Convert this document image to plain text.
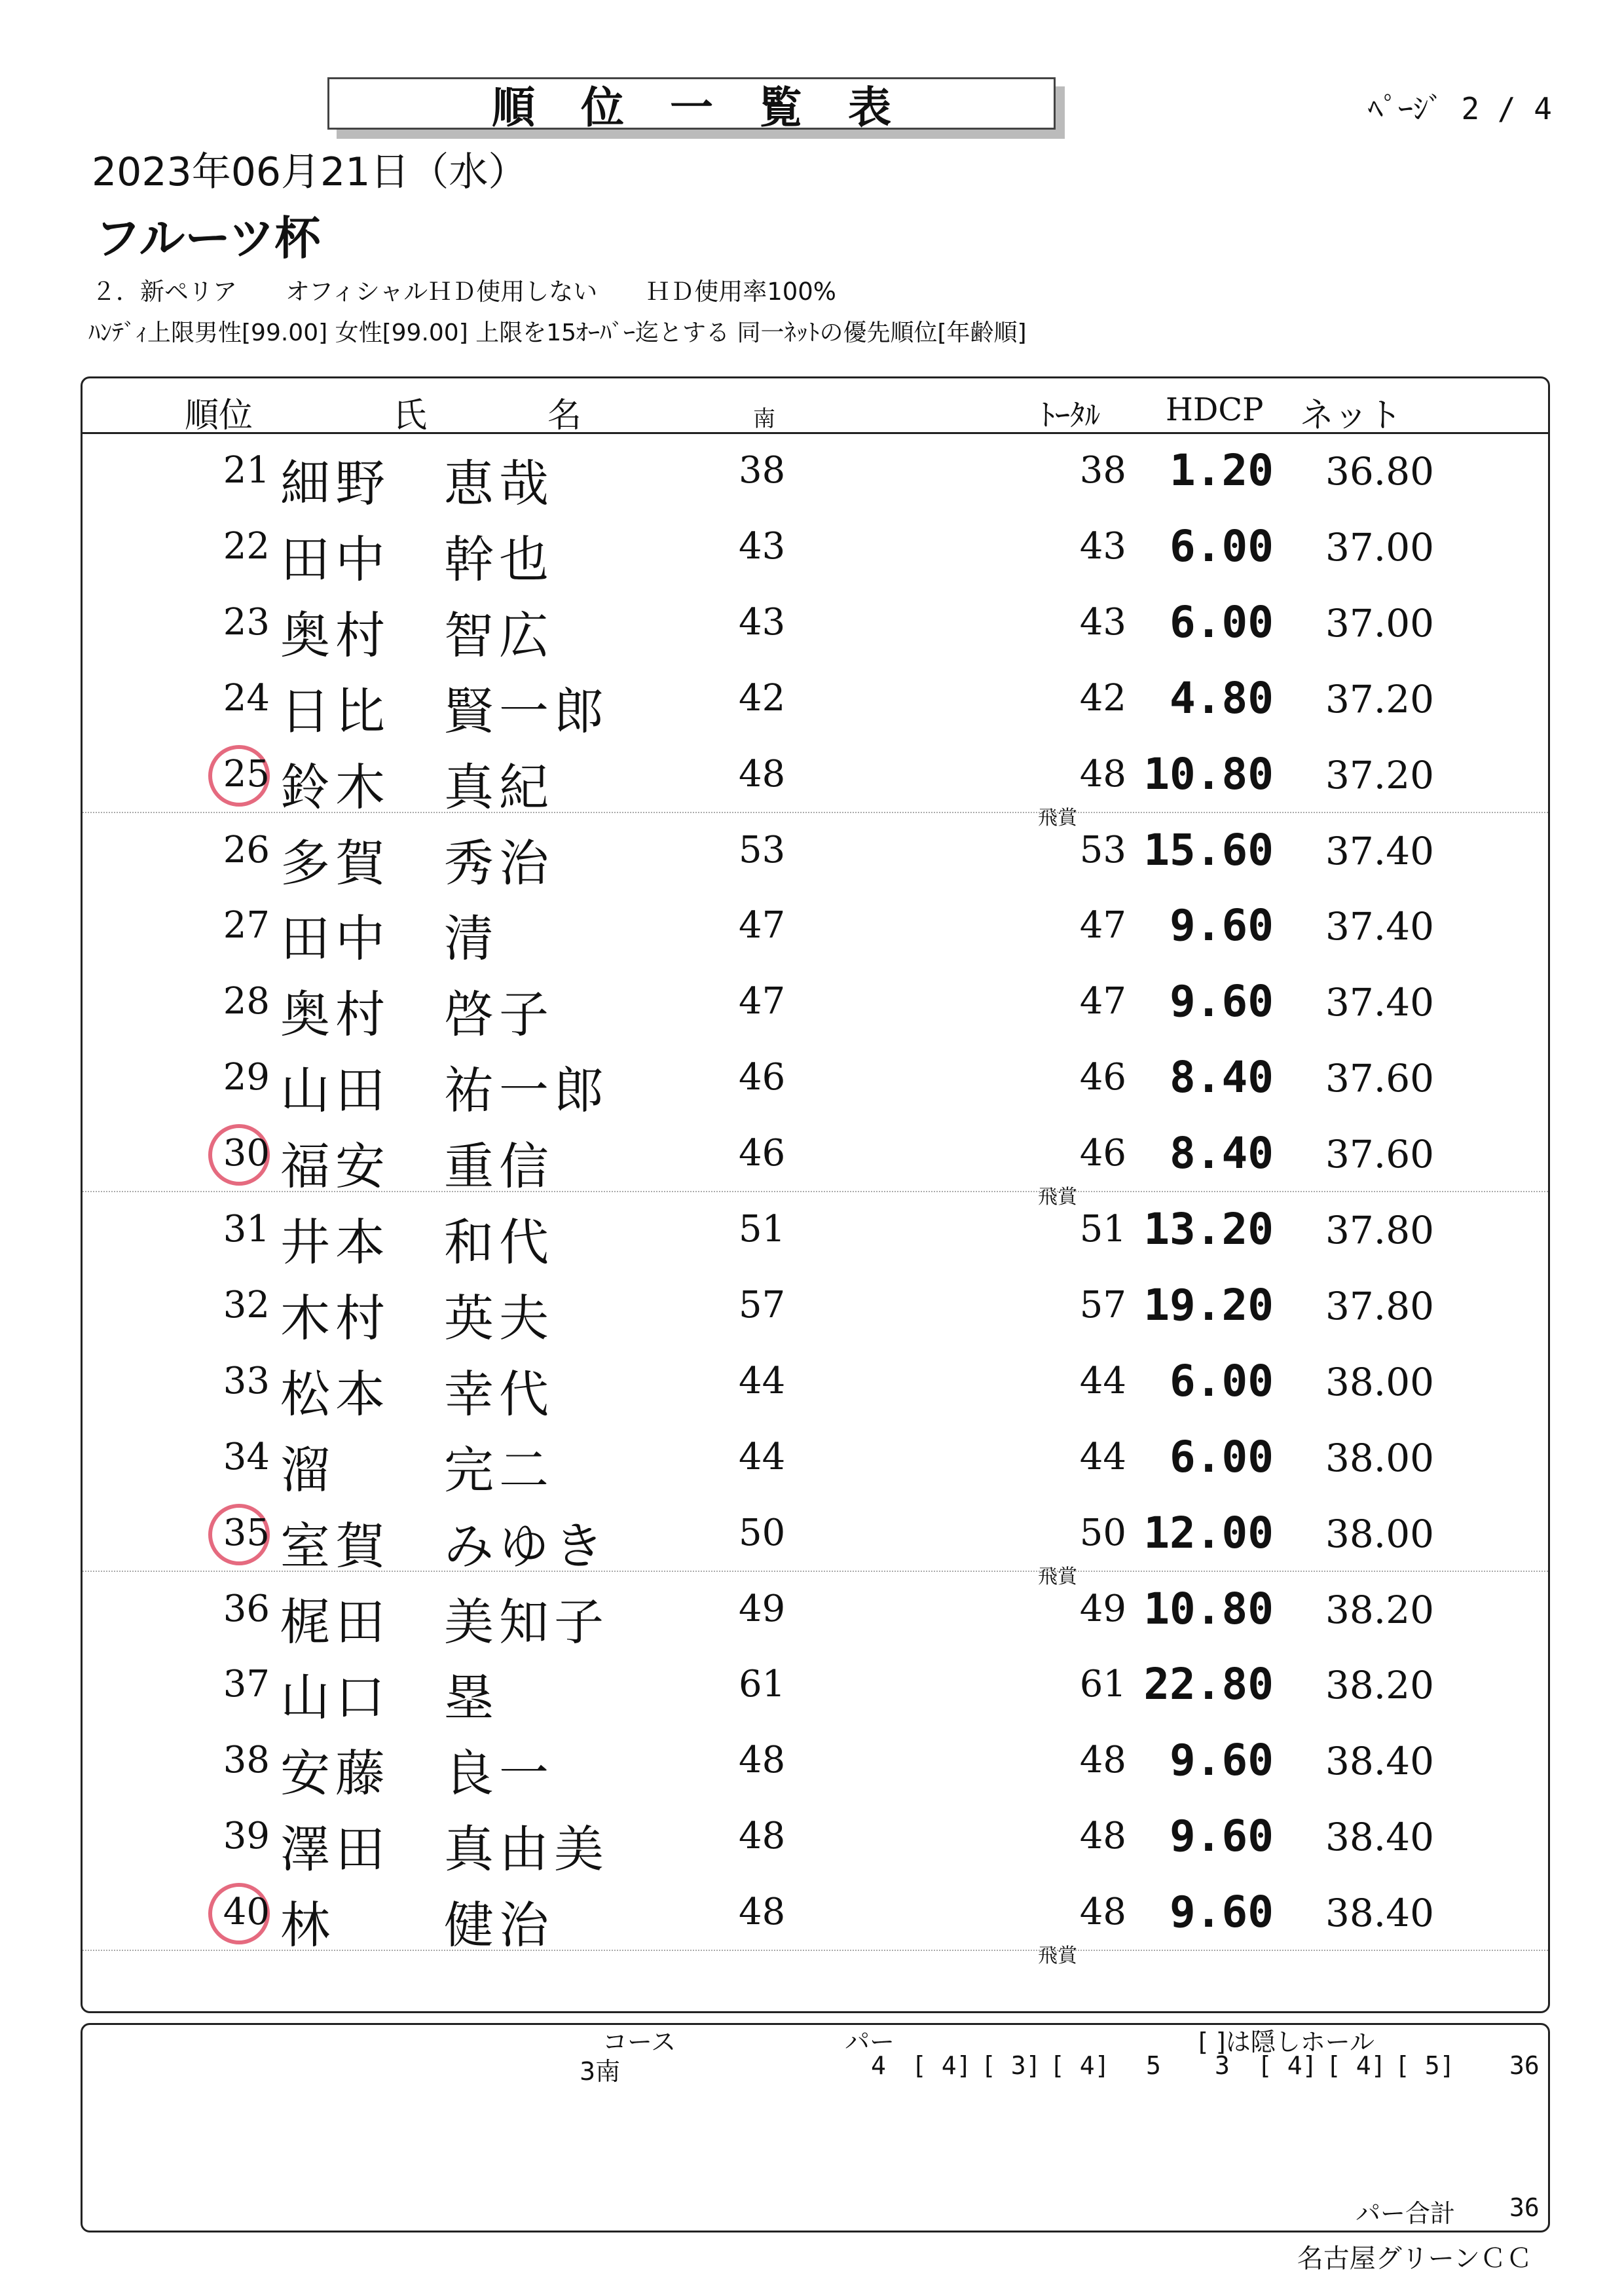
順位一覧表	ﾍﾟｰｼﾞ 2 / 4
2023年06月21日（水）
フルーツ杯
２．新ペリア　　オフィシャルＨＤ使用しない　　ＨＤ使用率100%
ﾊﾝﾃﾞｨ上限男性[99.00] 女性[99.00] 上限を15ｵｰﾊﾞｰ迄とする 同一ﾈｯﾄの優先順位[年齢順]
順位	氏	名	南	ﾄｰﾀﾙ HDCP ネット
21 細野 恵哉	38	38 1.20 36.80
22 田中 幹也	43	43 6.00 37.00
23 奥村 智広	43	43 6.00 37.00
24 日比 賢一郎	42	42 4.80 37.20
25 鈴木 真紀	48	48 10.80 37.20
飛賞
26 多賀 秀治	53	53 15.60 37.40
27 田中 清	47	47 9.60 37.40
28 奥村 啓子	47	47 9.60 37.40
29 山田 祐一郎	46	46 8.40 37.60
30 福安 重信	46	46 8.40 37.60
飛賞
31 井本 和代	51	51 13.20 37.80
32 木村 英夫	57	57 19.20 37.80
33 松本 幸代	44	44 6.00 38.00
34 溜 完二	44	44 6.00 38.00
35 室賀 みゆき	50	50 12.00 38.00
飛賞
36 梶田 美知子	49	49 10.80 38.20
37 山口 塁	61	61 22.80 38.20
38 安藤 良一	48	48 9.60 38.40
39 澤田 真由美	48	48 9.60 38.40
40 林 健治	48	48 9.60 38.40
飛賞
コース	パー	[ ]は隠しホール
3南	4 [ 4] [ 3] [ 4] 5 3 [ 4] [ 4] [ 5] 36
パー合計 36
名古屋グリーンＣＣ
